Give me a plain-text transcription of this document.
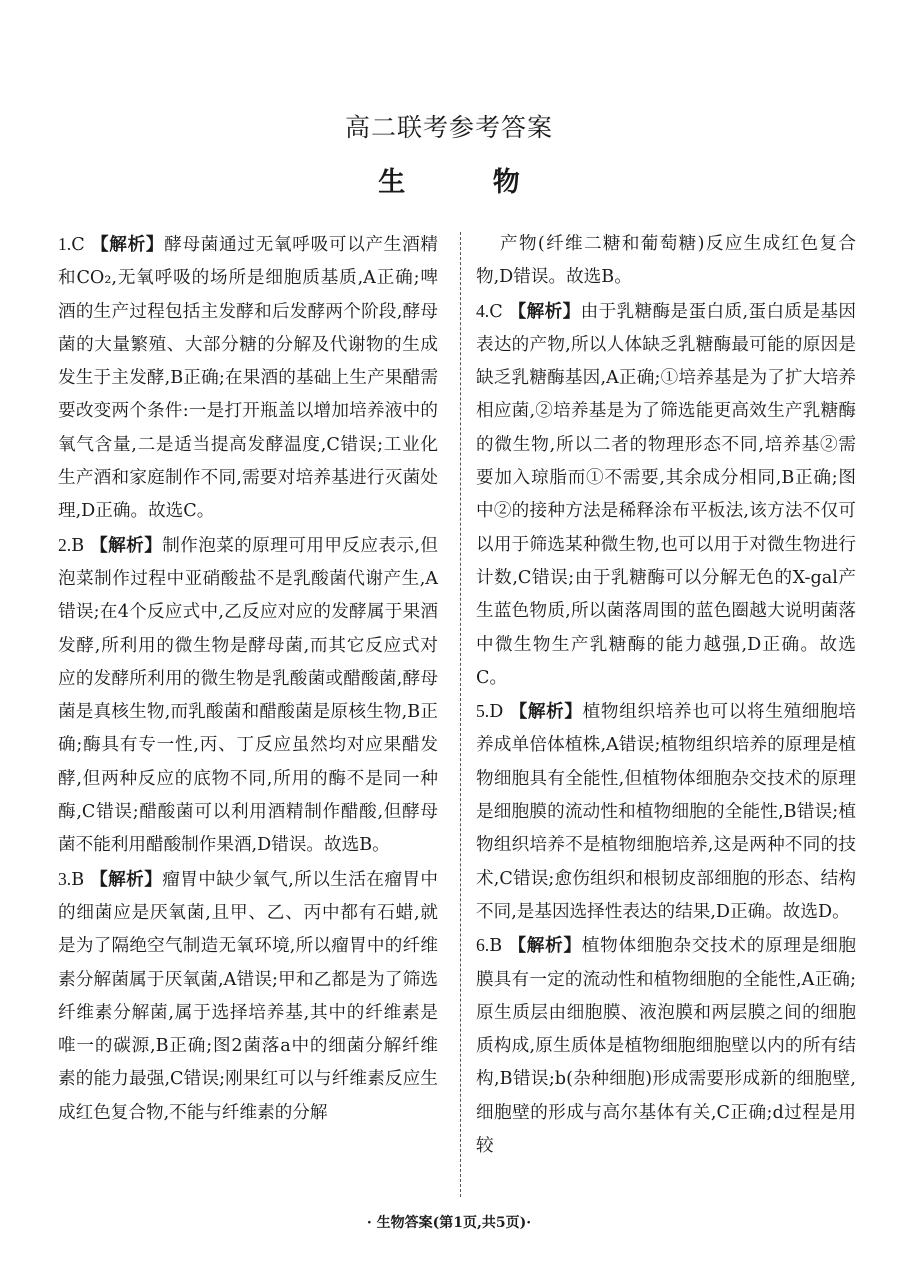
高二联考参考答案
生 物

1.C 【解析】酵母菌通过无氧呼吸可以产生酒精和CO₂,无氧呼吸的场所是细胞质基质,A正确;啤酒的生产过程包括主发酵和后发酵两个阶段,酵母菌的大量繁殖、大部分糖的分解及代谢物的生成发生于主发酵,B正确;在果酒的基础上生产果醋需要改变两个条件:一是打开瓶盖以增加培养液中的氧气含量,二是适当提高发酵温度,C错误;工业化生产酒和家庭制作不同,需要对培养基进行灭菌处理,D正确。故选C。

2.B 【解析】制作泡菜的原理可用甲反应表示,但泡菜制作过程中亚硝酸盐不是乳酸菌代谢产生,A错误;在4个反应式中,乙反应对应的发酵属于果酒发酵,所利用的微生物是酵母菌,而其它反应式对应的发酵所利用的微生物是乳酸菌或醋酸菌,酵母菌是真核生物,而乳酸菌和醋酸菌是原核生物,B正确;酶具有专一性,丙、丁反应虽然均对应果醋发酵,但两种反应的底物不同,所用的酶不是同一种酶,C错误;醋酸菌可以利用酒精制作醋酸,但酵母菌不能利用醋酸制作果酒,D错误。故选B。

3.B 【解析】瘤胃中缺少氧气,所以生活在瘤胃中的细菌应是厌氧菌,且甲、乙、丙中都有石蜡,就是为了隔绝空气制造无氧环境,所以瘤胃中的纤维素分解菌属于厌氧菌,A错误;甲和乙都是为了筛选纤维素分解菌,属于选择培养基,其中的纤维素是唯一的碳源,B正确;图2菌落a中的细菌分解纤维素的能力最强,C错误;刚果红可以与纤维素反应生成红色复合物,不能与纤维素的分解

产物(纤维二糖和葡萄糖)反应生成红色复合物,D错误。故选B。

4.C 【解析】由于乳糖酶是蛋白质,蛋白质是基因表达的产物,所以人体缺乏乳糖酶最可能的原因是缺乏乳糖酶基因,A正确;①培养基是为了扩大培养相应菌,②培养基是为了筛选能更高效生产乳糖酶的微生物,所以二者的物理形态不同,培养基②需要加入琼脂而①不需要,其余成分相同,B正确;图中②的接种方法是稀释涂布平板法,该方法不仅可以用于筛选某种微生物,也可以用于对微生物进行计数,C错误;由于乳糖酶可以分解无色的X-gal产生蓝色物质,所以菌落周围的蓝色圈越大说明菌落中微生物生产乳糖酶的能力越强,D正确。故选C。

5.D 【解析】植物组织培养也可以将生殖细胞培养成单倍体植株,A错误;植物组织培养的原理是植物细胞具有全能性,但植物体细胞杂交技术的原理是细胞膜的流动性和植物细胞的全能性,B错误;植物组织培养不是植物细胞培养,这是两种不同的技术,C错误;愈伤组织和根韧皮部细胞的形态、结构不同,是基因选择性表达的结果,D正确。故选D。

6.B 【解析】植物体细胞杂交技术的原理是细胞膜具有一定的流动性和植物细胞的全能性,A正确;原生质层由细胞膜、液泡膜和两层膜之间的细胞质构成,原生质体是植物细胞细胞壁以内的所有结构,B错误;b(杂种细胞)形成需要形成新的细胞壁,细胞壁的形成与高尔基体有关,C正确;d过程是用较

· 生物答案(第1页,共5页)·
